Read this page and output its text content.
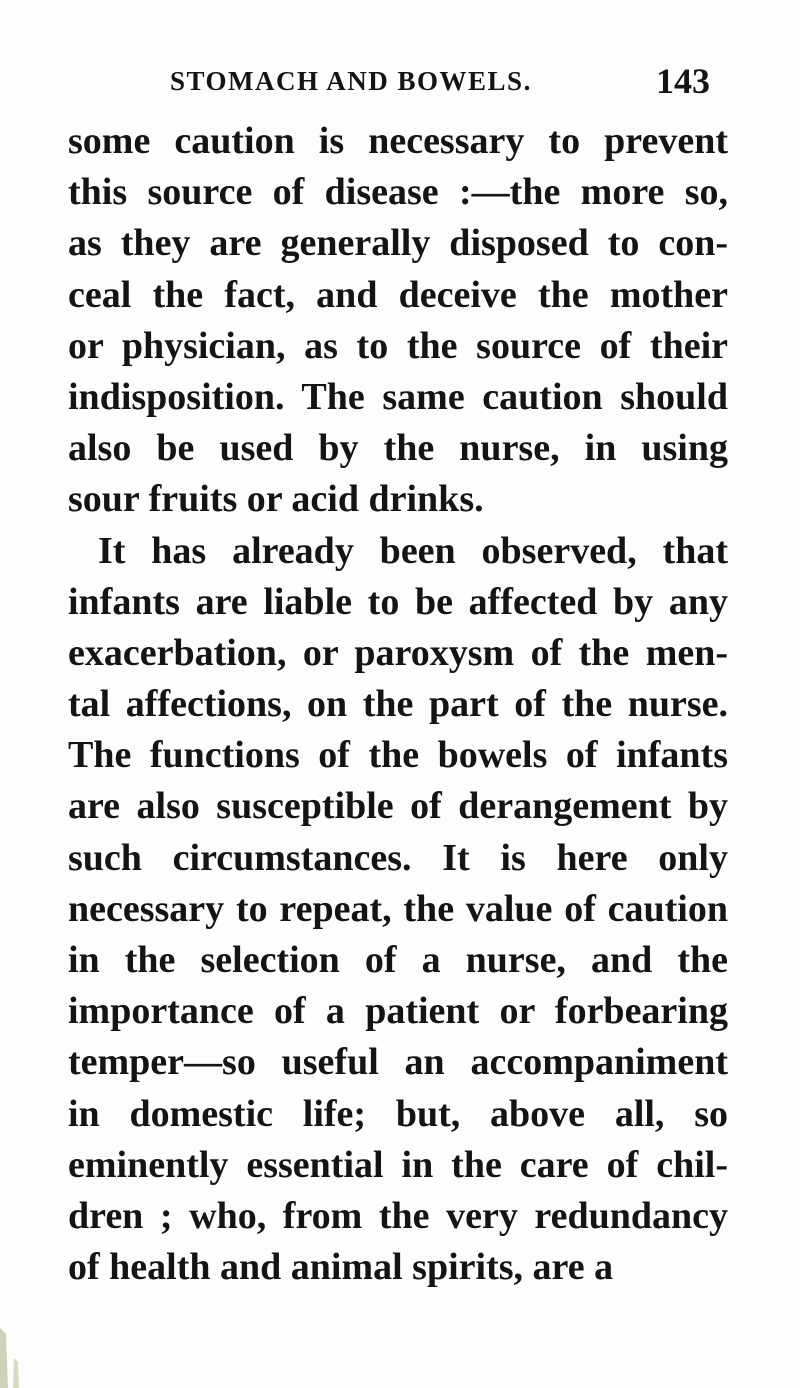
STOMACH AND BOWELS.	143
some caution is necessary to prevent
this source of disease :—the more so,
as they are generally disposed to con-
ceal the fact, and deceive the mother
or physician, as to the source of their
indisposition. The same caution should
also be used by the nurse, in using
sour fruits or acid drinks.
It has already been observed, that
infants are liable to be affected by any
exacerbation, or paroxysm of the men-
tal affections, on the part of the nurse.
The functions of the bowels of infants
are also susceptible of derangement by
such circumstances. It is here only
necessary to repeat, the value of caution
in the selection of a nurse, and the
importance of a patient or forbearing
temper—so useful an accompaniment
in domestic life; but, above all, so
eminently essential in the care of chil-
dren ; who, from the very redundancy
of health and animal spirits, are a
